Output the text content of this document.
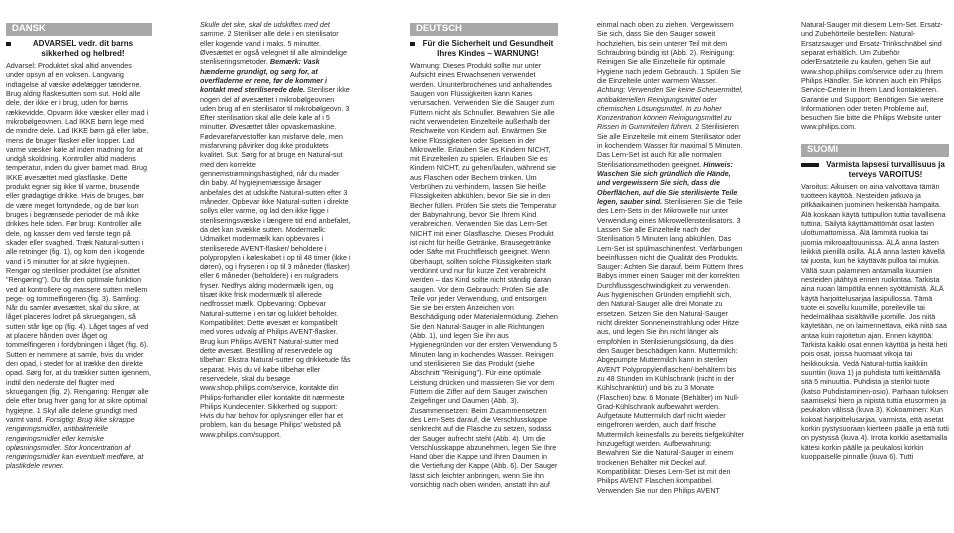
DANSK
ADVARSEL vedr. dit barns sikkerhed og helbred!

Advarsel: Produktet skal altid anvendes under opsyn af en voksen. Langvarig indtagelse af væske ødelægger tænderne. Brug aldrig flaskesutten som sut. Hold alle dele, der ikke er i brug, uden for børns rækkevidde. Opvarm ikke væsker eller mad i mikrobølgeovnen. Lad IKKE børn lege med de mindre dele. Lad IKKE børn gå eller løbe, mens de bruger flasker eller kopper. Lad varme væsker køle af inden madning for at undgå skoldning. Kontroller altid madens temperatur, inden du giver barnet mad. Brug IKKE øvesættet med glasflaske. Dette produkt egner sig ikke til varme, brusende eller grødagtige drikke. Hvis de bruges, bør de være meget fortyndede, og de bør kun bruges i begrænsede perioder ​​de må ikke drikkes hele tiden. Før brug: Kontroller alle dele, og kasser dem ved første tegn på skader eller svaghed. Træk Natural-sutten i alle retninger (fig. 1), og kom den i kogende vand i 5 minutter for at sikre hygiejnen. Rengør og steriliser produktet (se afsnittet "Rengøring"). Du får den optimale funktion ved at kontrollere og massere sutten mellem pege- og tommelfingeren (fig. 3). Samling: Når du samler øvesættet, skal du sikre, at låget placeres lodret på skruegangen, så sutten står lige op (fig. 4). Låget tages af ved at placere hånden over låget og tommelfingeren i fordybningen i låget (fig. 6). Sutten er nemmere at samle, hvis du vrider den opad, i stedet for at trække den direkte opad. Sørg for, at du trækker sutten igennem, indtil den nederste del flugter med skruegangen (fig. 2). Rengøring: Rengør alle dele efter brug hver gang for at sikre optimal hygiejne. 1 Skyl alle delene grundigt med varmt vand. Forsigtig: Brug ikke skrappe rengøringsmidler, antibakterielle rengøringsmidler eller kemiske opløsningsmidler. Stor koncentration af rengøringsmidler kan eventuelt medføre, at plastikdele revner.

Skulle det ske, skal de udskiftes med det samme. 2 Steriliser alle dele i en sterilisator eller kogende vand i maks. 5 minutter. Øvesættet er også velegnet til alle almindelige steriliseringsmetoder. Bemærk: Vask hænderne grundigt, og sørg for, at overfladerne er rene, før de kommer i kontakt med steriliserede dele. Steriliser ikke nogen del af øvesættet i mikrobølgeovnen uden brug af en sterilisator til mikrobølgeovn. 3 Efter sterilisation skal alle dele køle af i 5 minutter. Øvesættet tåler opvaskemaskine. Fødevarefarvestoffer kan misfarve dele, men misfarvning påvirker dog ikke produktets kvalitet. Sut: Sørg for at bruge en Natural-sut med den korrekte gennemstrømningshastighed, når du mader din baby. Af hygiejnemæssige årsager anbefales det at udskifte Natural-sutten efter 3 måneder. Opbevar ikke Natural-sutten i direkte sollys eller varme, og lad den ikke ligge i steriliseringsvæske i længere tid end anbefalet, da det kan svække sutten. Modermælk: Udmalket modermælk kan opbevares i steriliserede AVENT-flasker/ beholdere i polypropylen i køleskabet i op til 48 timer (ikke i døren), og i fryseren i op til 3 måneder (flasker) eller 6 måneder (beholdere) i en nulgraders fryser. Nedfrys aldrig modermælk igen, og tilsæt ikke frisk modermælk til allerede nedfrosset mælk. Opbevaring: Opbevar Natural-sutterne i en tør og lukket beholder. Kompatibilitet: Dette øvesæt er kompatibelt med vores udvalg af Philips AVENT-flasker. Brug kun Philips AVENT Natural-sutter med dette øvesæt. Bestilling af reservedele og tilbehør: Ekstra Natural-sutter og drikketude fås separat. Hvis du vil købe tilbehør eller reservedele, skal du besøge www.shop.philips.com/service, kontakte din Philips-forhandler eller kontakte dit nærmeste Philips Kundecenter. Sikkerhed og support: Hvis du har behov for oplysninger eller har et problem, kan du besøge Philips' websted på www.philips.com/support.

DEUTSCH
Für die Sicherheit und Gesundheit Ihres Kindes – WARNUNG!

Warnung: Dieses Produkt sollte nur unter Aufsicht eines Erwachsenen verwendet werden. Ununterbrochenes und anhaltendes Saugen von Flüssigkeiten kann Karies verursachen. Verwenden Sie die Sauger zum Füttern nicht als Schnuller. Bewahren Sie alle nicht verwendeten Einzelteile außerhalb der Reichweite von Kindern auf. Erwärmen Sie keine Flüssigkeiten oder Speisen in der Mikrowelle. Erlauben Sie es Kindern NICHT, mit Einzelteilen zu spielen. Erlauben Sie es Kindern NICHT, zu gehen/laufen, während sie aus Flaschen oder Bechern trinken. Um Verbrühen zu verhindern, lassen Sie heiße Flüssigkeiten abkühlen, bevor Sie sie in den Becher füllen. Prüfen Sie stets die Temperatur der Babynahrung, bevor Sie Ihrem Kind verabreichen. Verwenden Sie das Lern-Set NICHT mit einer Glasflasche. Dieses Produkt ist nicht für heiße Getränke, Brausegetränke oder Säfte mit Fruchtfleisch geeignet. Wenn überhaupt, sollten solche Flüssigkeiten stark verdünnt und nur für kurze Zeit verabreicht werden – das Kind sollte nicht ständig daran saugen. Vor dem Gebrauch: Prüfen Sie alle Teile vor jeder Verwendung, und entsorgen Sie sie bei ersten Anzeichen von Beschädigung oder Materialermüdung. Ziehen Sie den Natural-Sauger in alle Richtungen (Abb. 1), und legen Sie ihn aus Hygienegründen vor der ersten Verwendung 5 Minuten lang in kochendes Wasser. Reinigen und sterilisieren Sie das Produkt (siehe Abschnitt "Reinigung"). Für eine optimale Leistung drücken und massieren Sie vor dem Füttern die Ziffer auf dem Sauger zwischen Zeigefinger und Daumen (Abb. 3). Zusammensetzen: Beim Zusammensetzen des Lern-Sets darauf, die Verschlusskappe senkrecht auf die Flasche zu setzen, sodass der Sauger aufrecht steht (Abb. 4). Um die Verschlusskappe abzunehmen, legen Sie Ihre Hand über die Kappe und Ihren Daumen in die Vertiefung der Kappe (Abb. 6). Der Sauger lässt sich leichter anbringen, wenn Sie ihn vorsichtig nach oben winden, anstatt ihn auf

einmal nach oben zu ziehen. Vergewissern Sie sich, dass Sie den Sauger soweit hochziehen, bis sein unterer Teil mit dem Schraubring bündig ist (Abb. 2). Reinigung: Reinigen Sie alle Einzelteile für optimale Hygiene nach jedem Gebrauch. 1 Spülen Sie die Einzelteile unter warmem Wasser. Achtung: Verwenden Sie keine Scheuermittel, antibakteriellen Reinigungsmittel oder chemischen Lösungsmittel. In zu hoher Konzentration können Reinigungsmittel zu Rissen in Gummiteilen führen. 2 Sterilisieren Sie alle Einzelteile mit einem Sterilisator oder in kochendem Wasser für maximal 5 Minuten. Das Lern-Set ist auch für alle normalen Sterilisationsmethoden geeignet. Hinweis: Waschen Sie sich gründlich die Hände, und vergewissern Sie sich, dass die Oberflächen, auf die Sie sterilisierte Teile legen, sauber sind. Sterilisieren Sie die Teile des Lern-Sets in der Mikrowelle nur unter Verwendung eines Mikrowellensterilisators. 3 Lassen Sie alle Einzelteile nach der Sterilisation 5 Minuten lang abkühlen. Das Lern-Set ist spülmaschinenfest. Verfärbungen beeinflussen nicht die Qualität des Produkts. Sauger: Achten Sie darauf, beim Füttern Ihres Babys immer einen Sauger mit der korrekten Durchflussgeschwindigkeit zu verwenden. Aus hygienischen Gründen empfiehlt sich, den Natural-Sauger alle drei Monate zu ersetzen. Setzen Sie den Natural-Sauger nicht direkter Sonneneinstrahlung oder Hitze aus, und legen Sie ihn nicht länger als empfohlen in Sterilisierungslösung, da dies den Sauger beschädigen kann. Muttermilch: Abgepumpte Muttermilch kann in sterilen AVENT Polypropylenflaschen/-behältern bis zu 48 Stunden im Kühlschrank (nicht in der Kühlschranktür) und bis zu 3 Monate (Flaschen) bzw. 6 Monate (Behälter) im Null-Grad-Kühlschrank aufbewahrt werden. Aufgetaute Muttermilch darf nicht wieder eingefroren werden, auch darf frische Muttermilch keinesfalls zu bereits tiefgekühlter hinzugefügt werden. Aufbewahrung: Bewahren Sie die Natural-Sauger in einem trockenen Behälter mit Deckel auf. Kompatibilität: Dieses Lern-Set ist mit den Philips AVENT Flaschen kompatibel. Verwenden Sie nur den Philips AVENT

Natural-Sauger mit diesem Lern-Set. Ersatz- und Zubehörteile bestellen: Natural-Ersatzsauger und Ersatz-Trinkschnäbel sind separat erhältlich. Um Zubehör oderErsatzteile zu kaufen, gehen Sie auf www.shop.philips.com/service oder zu Ihrem Philips Händler. Sie können auch ein Philips Service-Center in Ihrem Land kontaktieren. Garantie und Support: Benötigen Sie weitere Informationen oder treten Probleme auf, besuchen Sie bitte die Philips Website unter www.philips.com.

SUOMI
Varmista lapsesi turvallisuus ja terveys VAROITUS!

Varoitus: Aikuisen on aina valvottava tämän tuotteen käyttöä. Nesteiden jatkuva ja pitkäaikainen juominen heikentää hampaita. Älä koskaan käytä tuttipullon tuttia tavallisena tuttina. Säilytä käyttämättömät osat lasten ulottumattomissa. Älä lämmitä ruokia tai juomia mikroaaltouunissa. ÄLÄ anna lasten leikkiä pienillä osilla. ÄLÄ anna lasten kävellä tai juosta, kun he käyttävät pulloa tai mukia. Vältä suun palaminen antamalla kuumien nesteiden jäähtyä ennen ruokintaa. Tarkista aina ruoan lämpötila ennen syöttämistä. ÄLÄ käytä harjoittelusarjaa lasipullossa. Tämä tuote ei sovellu kuumille, poreileville tai hedelmälihaa sisältäville juomille. Jos niitä käytetään, ne on laimennettava, eikä niitä saa antaa kuin rajoitetun ajan. Ennen käyttöä: Tarkista kaikki osat ennen käyttöä ja heitä heti pois osat, joissa huomaat vikoja tai heikkouksia. Vedä Natural-tuttia kaikkiin suuntiin (kuva 1) ja puhdista tutti keittämällä sitä 5 minuuttia. Puhdista ja steriloi tuote (katso Puhdistaminen-osio). Parhaan tuloksen saamiseksi hiero ja nipistä tuttia etusormen ja peukalon välissä (kuva 3). Kokoaminen: Kun kokoat harjoittelusarjaa, varmista, että asetat korkin pystysuoraan kierteen päälle ja että tutti on pystyssä (kuva 4). Irrota korkki asettamalla kätesi korkin päälle ja peukalosi korkin kuoppaiselle pinnalle (kuva 6). Tutti
